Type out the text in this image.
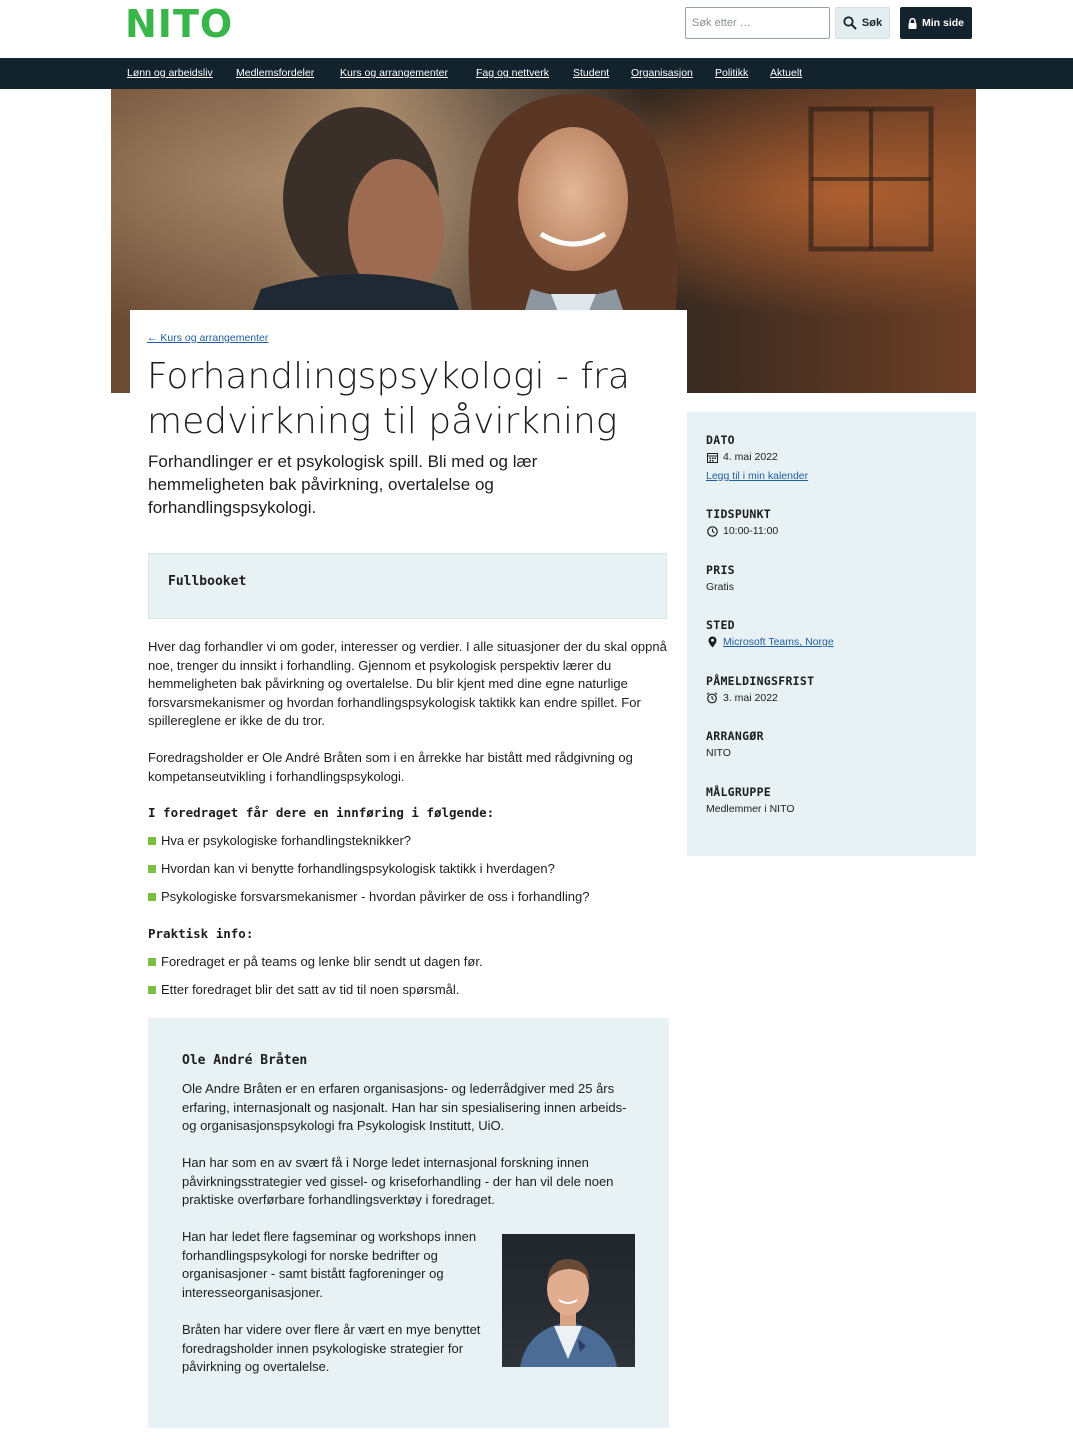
NITO
Søk etter …	Søk	Min side
Lønn og arbeidsliv Medlemsfordeler Kurs og arrangementer	Fag og nettverk Student Organisasjon Politikk Aktuelt
← Kurs og arrangementer
Forhandlingspsykologi - fra medvirkning til påvirkning

Forhandlinger er et psykologisk spill. Bli med og lær hemmeligheten bak påvirkning, overtalelse og forhandlingspsykologi.

Fullbooket

Hver dag forhandler vi om goder, interesser og verdier. I alle situasjoner der du skal oppnå noe, trenger du innsikt i forhandling. Gjennom et psykologisk perspektiv lærer du hemmeligheten bak påvirkning og overtalelse. Du blir kjent med dine egne naturlige forsvarsmekanismer og hvordan forhandlingspsykologisk taktikk kan endre spillet. For spillereglene er ikke de du tror.

Foredragsholder er Ole André Bråten som i en årrekke har bistått med rådgivning og kompetanseutvikling i forhandlingspsykologi.

I foredraget får dere en innføring i følgende:
Hva er psykologiske forhandlingsteknikker?
Hvordan kan vi benytte forhandlingspsykologisk taktikk i hverdagen?
Psykologiske forsvarsmekanismer - hvordan påvirker de oss i forhandling?
Praktisk info:
Foredraget er på teams og lenke blir sendt ut dagen før.
Etter foredraget blir det satt av tid til noen spørsmål.
Ole André Bråten

Ole Andre Bråten er en erfaren organisasjons- og lederrådgiver med 25 års erfaring, internasjonalt og nasjonalt. Han har sin spesialisering innen arbeids- og organisasjonspsykologi fra Psykologisk Institutt, UiO.

Han har som en av svært få i Norge ledet internasjonal forskning innen påvirkningsstrategier ved gissel- og kriseforhandling - der han vil dele noen praktiske overførbare forhandlingsverktøy i foredraget.

Han har ledet flere fagseminar og workshops innen forhandlingspsykologi for norske bedrifter og organisasjoner - samt bistått fagforeninger og interesseorganisasjoner.

Bråten har videre over flere år vært en mye benyttet foredragsholder innen psykologiske strategier for påvirkning og overtalelse.

DATO
4. mai 2022
Legg til i min kalender
TIDSPUNKT
10:00-11:00
PRIS
Gratis
STED
Microsoft Teams, Norge
PÅMELDINGSFRIST
3. mai 2022
ARRANGØR
NITO
MÅLGRUPPE
Medlemmer i NITO
